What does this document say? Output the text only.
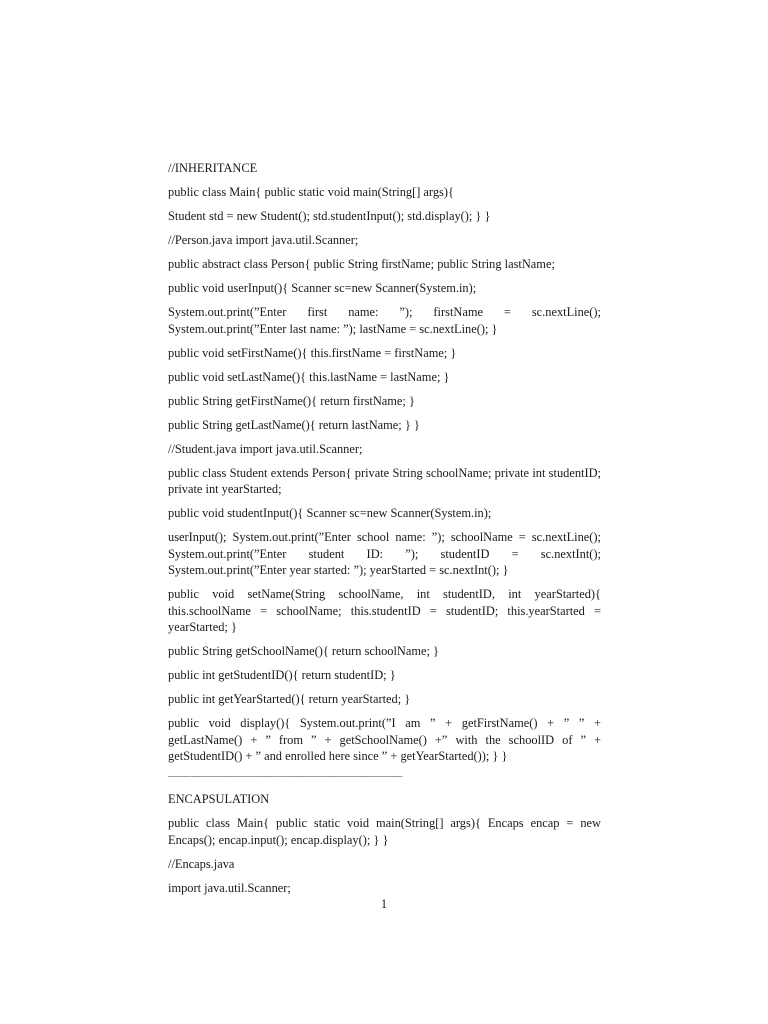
//INHERITANCE

public class Main{ public static void main(String[] args){

Student std = new Student(); std.studentInput(); std.display(); } }

//Person.java import java.util.Scanner;

public abstract class Person{ public String firstName; public String lastName;

public void userInput(){ Scanner sc=new Scanner(System.in);

System.out.print(”Enter first name: ”); firstName = sc.nextLine(); System.out.print(”Enter last name: ”); lastName = sc.nextLine(); }

public void setFirstName(){ this.firstName = firstName; }

public void setLastName(){ this.lastName = lastName; }

public String getFirstName(){ return firstName; }

public String getLastName(){ return lastName; } }

//Student.java import java.util.Scanner;

public class Student extends Person{ private String schoolName; private int studentID; private int yearStarted;

public void studentInput(){ Scanner sc=new Scanner(System.in);

userInput(); System.out.print(”Enter school name: ”); schoolName = sc.nextLine(); System.out.print(”Enter student ID: ”); studentID = sc.nextInt(); System.out.print(”Enter year started: ”); yearStarted = sc.nextInt(); }

public void setName(String schoolName, int studentID, int yearStarted){ this.schoolName = schoolName; this.studentID = studentID; this.yearStarted = yearStarted; }

public String getSchoolName(){ return schoolName; }

public int getStudentID(){ return studentID; }

public int getYearStarted(){ return yearStarted; }

public void display(){ System.out.print(”I am ” + getFirstName() + ” ” + getLastName() + ” from ” + getSchoolName() +” with the schoolID of ” + getStudentID() + ” and enrolled here since ” + getYearStarted()); } }

--------------------------------------------------------------------------------------------------------------

ENCAPSULATION

public class Main{ public static void main(String[] args){ Encaps encap = new Encaps(); encap.input(); encap.display(); } }

//Encaps.java

import java.util.Scanner;

1
